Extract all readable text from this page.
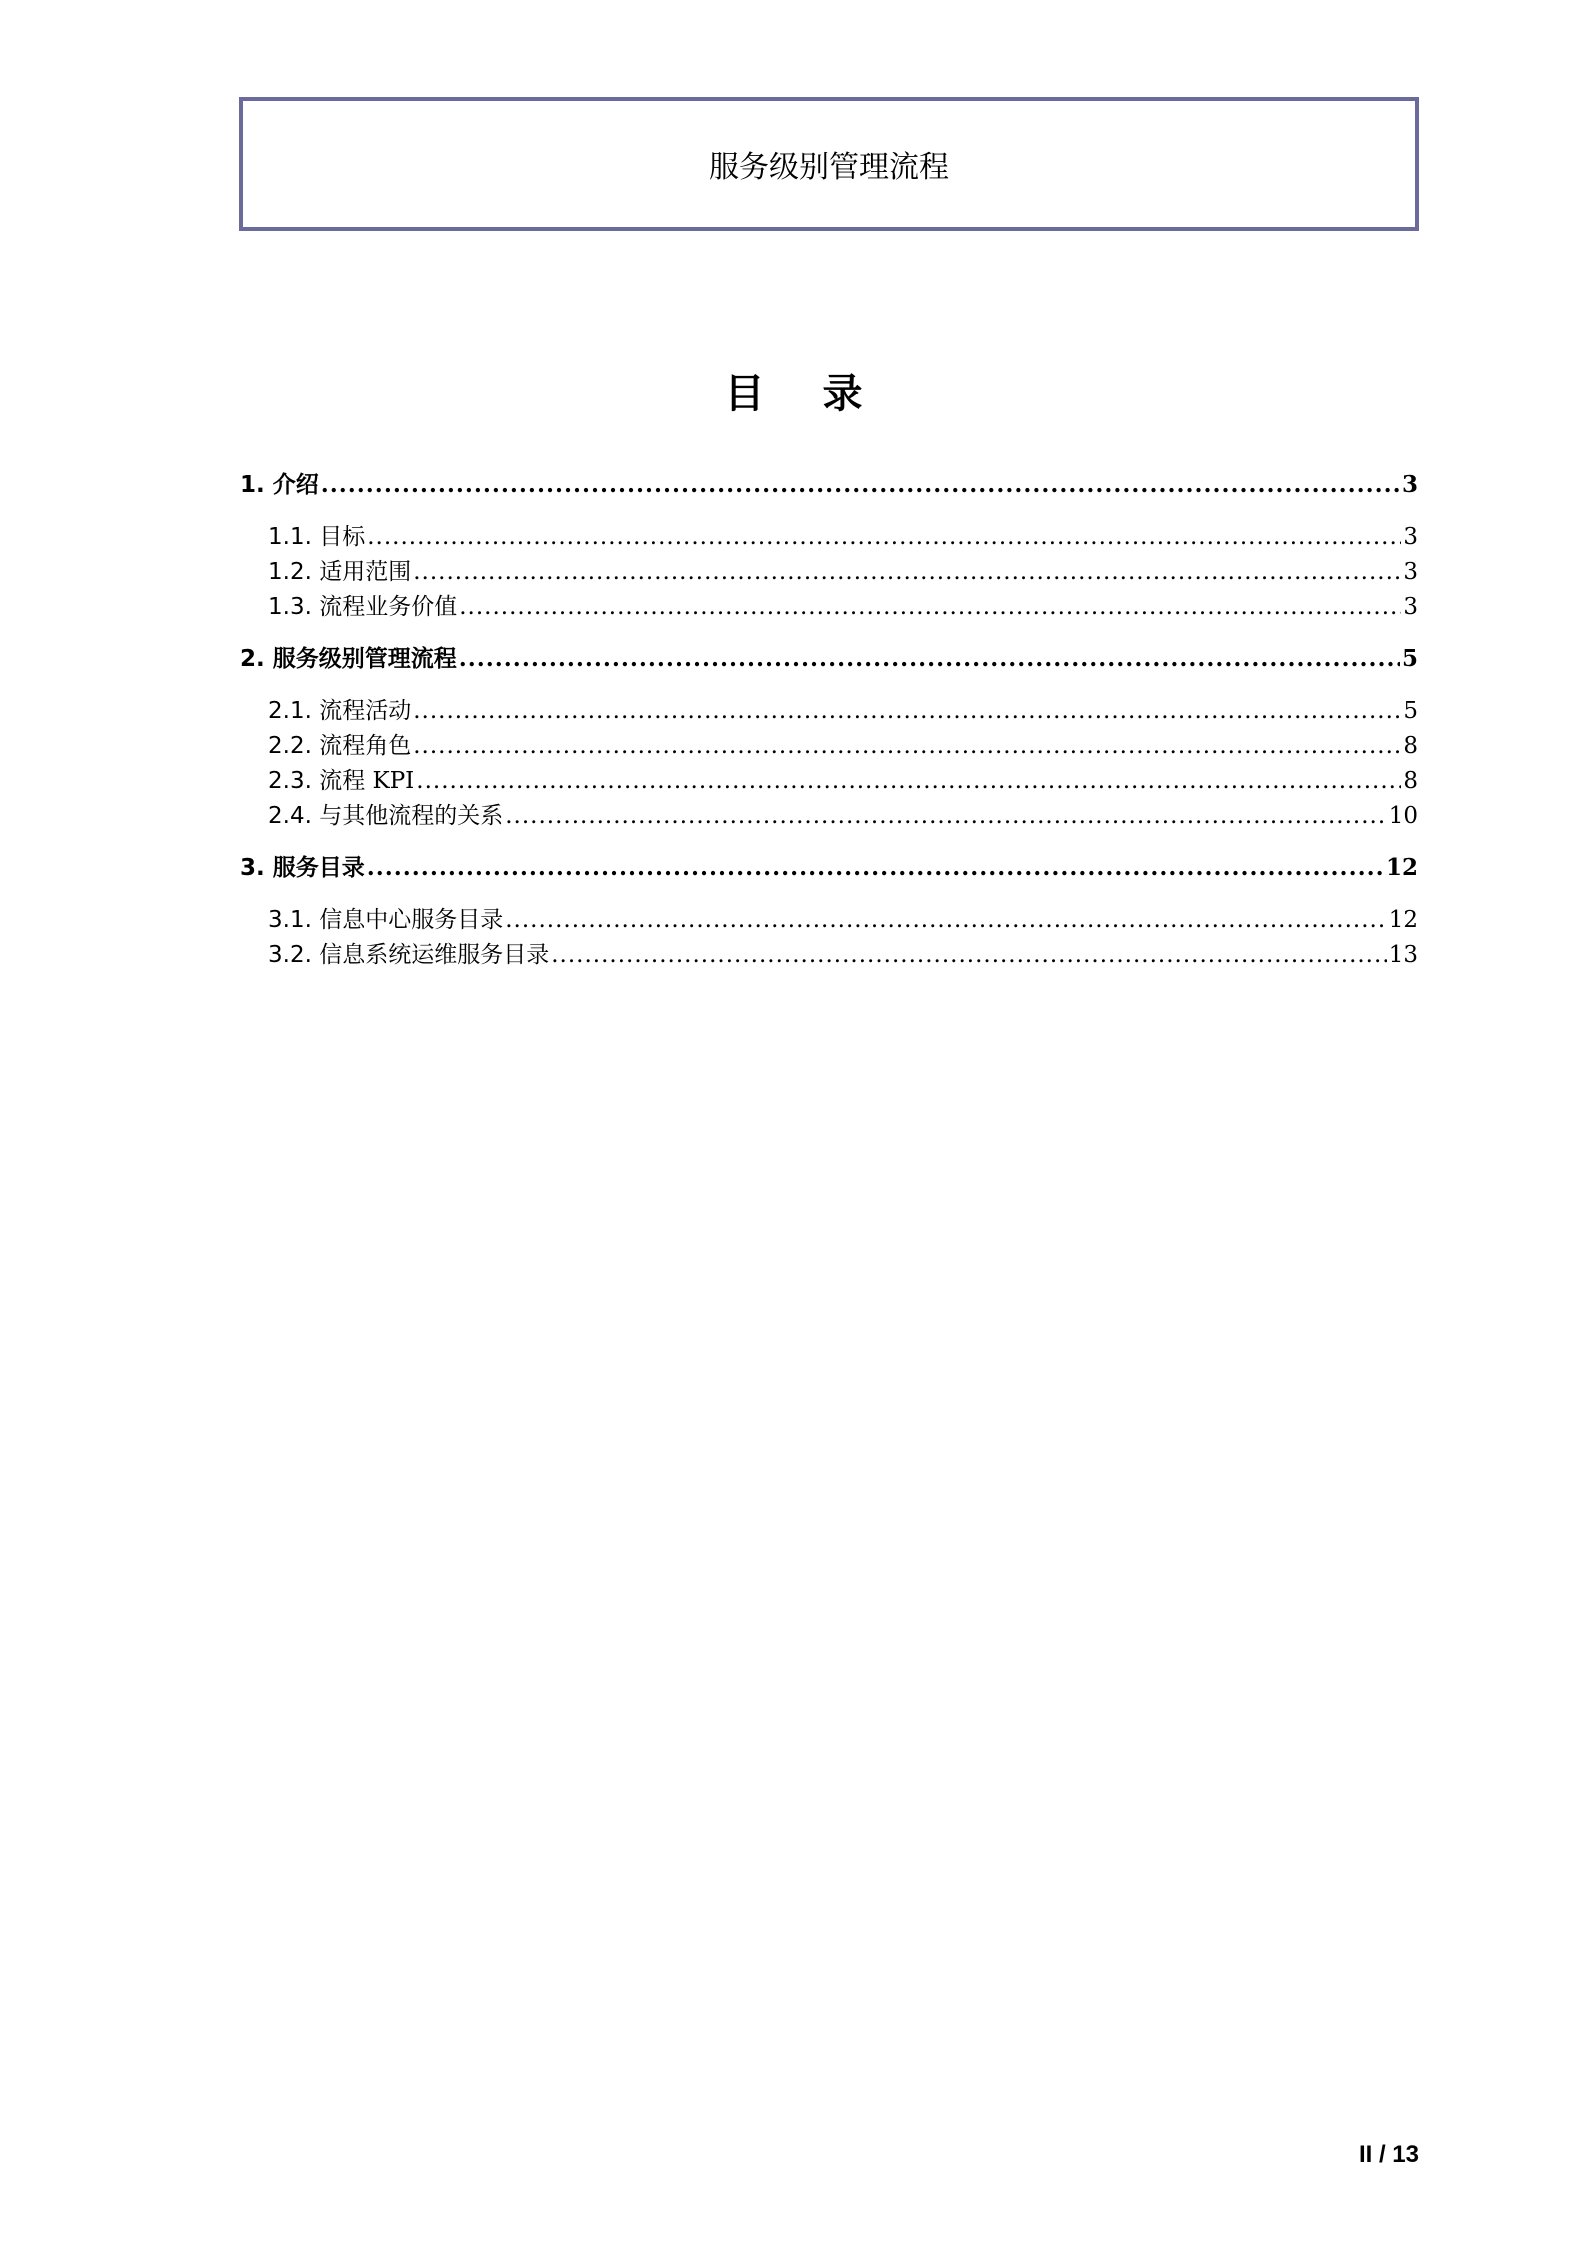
服务级别管理流程
目 录
1. 介绍 .....	3
1.1. 目标 .....	3
1.2. 适用范围 .....	3
1.3. 流程业务价值 .....	3
2. 服务级别管理流程 .....	5
2.1. 流程活动 .....	5
2.2. 流程角色 .....	8
2.3. 流程 KPI .....	8
2.4. 与其他流程的关系 .....	10
3. 服务目录 .....	12
3.1. 信息中心服务目录 .....	12
3.2. 信息系统运维服务目录 .....	13
II / 13
